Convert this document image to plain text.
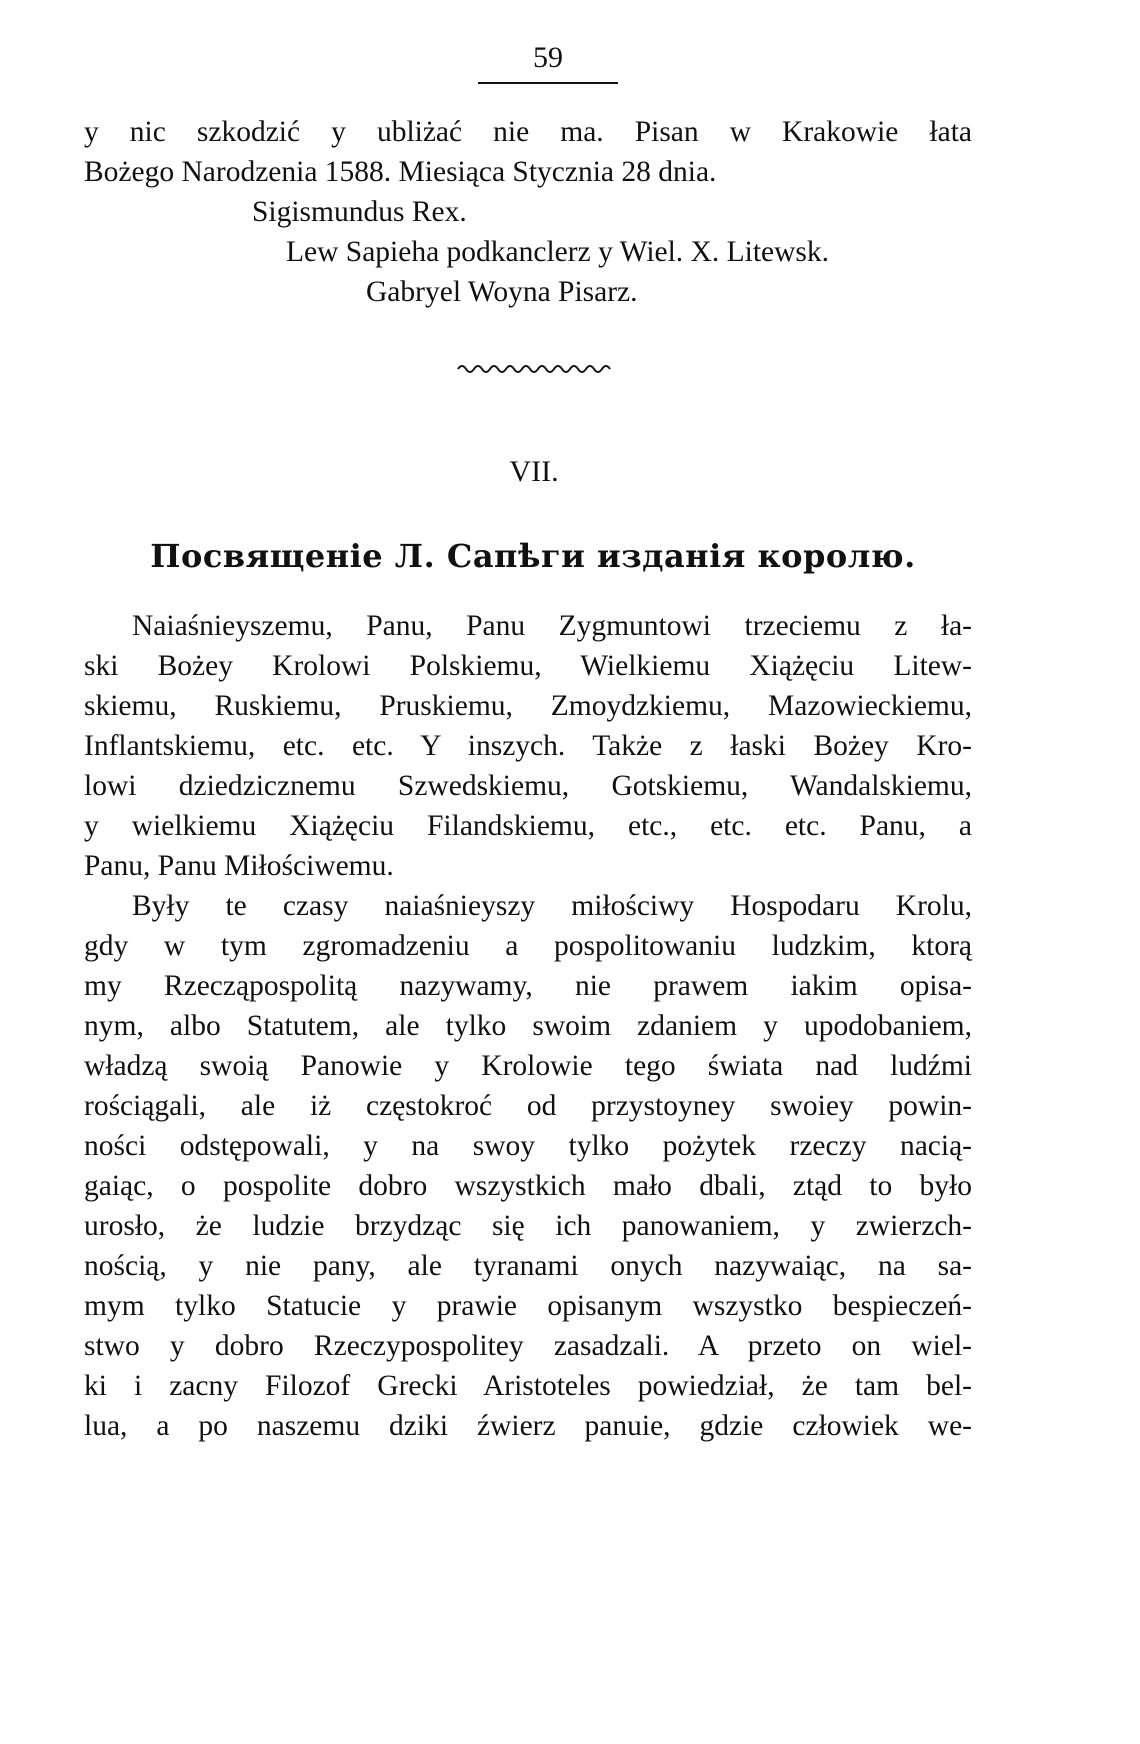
59
y nic szkodzić y ubliżać nie ma. Pisan w Krakowie łata
Bożego Narodzenia 1588. Miesiąca Stycznia 28 dnia.
Sigismundus Rex.
Lew Sapieha podkanclerz y Wiel. X. Litewsk.
Gabryel Woyna Pisarz.
VII.
Посвященіе Л. Сапѣги изданія королю.
Naiaśnieyszemu, Panu, Panu Zygmuntowi trzeciemu z ła-
ski Bożey Krolowi Polskiemu, Wielkiemu Xiążęciu Litew-
skiemu, Ruskiemu, Pruskiemu, Zmoydzkiemu, Mazowieckiemu,
Inflantskiemu, etc. etc. Y inszych. Także z łaski Bożey Kro-
lowi dziedzicznemu Szwedskiemu, Gotskiemu, Wandalskiemu,
y wielkiemu Xiążęciu Filandskiemu, etc., etc. etc. Panu, a
Panu, Panu Miłościwemu.
Były te czasy naiaśnieyszy miłościwy Hospodaru Krolu,
gdy w tym zgromadzeniu a pospolitowaniu ludzkim, ktorą
my Rzecząpospolitą nazywamy, nie prawem iakim opisa-
nym, albo Statutem, ale tylko swoim zdaniem y upodobaniem,
władzą swoią Panowie y Krolowie tego świata nad ludźmi
rościągali, ale iż częstokroć od przystoyney swoiey powin-
ności odstępowali, y na swoy tylko pożytek rzeczy nacią-
gaiąc, o pospolite dobro wszystkich mało dbali, ztąd to było
urosło, że ludzie brzydząc się ich panowaniem, y zwierzch-
nością, y nie pany, ale tyranami onych nazywaiąc, na sa-
mym tylko Statucie y prawie opisanym wszystko bespieczeń-
stwo y dobro Rzeczypospolitey zasadzali. A przeto on wiel-
ki i zacny Filozof Grecki Aristoteles powiedział, że tam bel-
lua, a po naszemu dziki źwierz panuie, gdzie człowiek we-
